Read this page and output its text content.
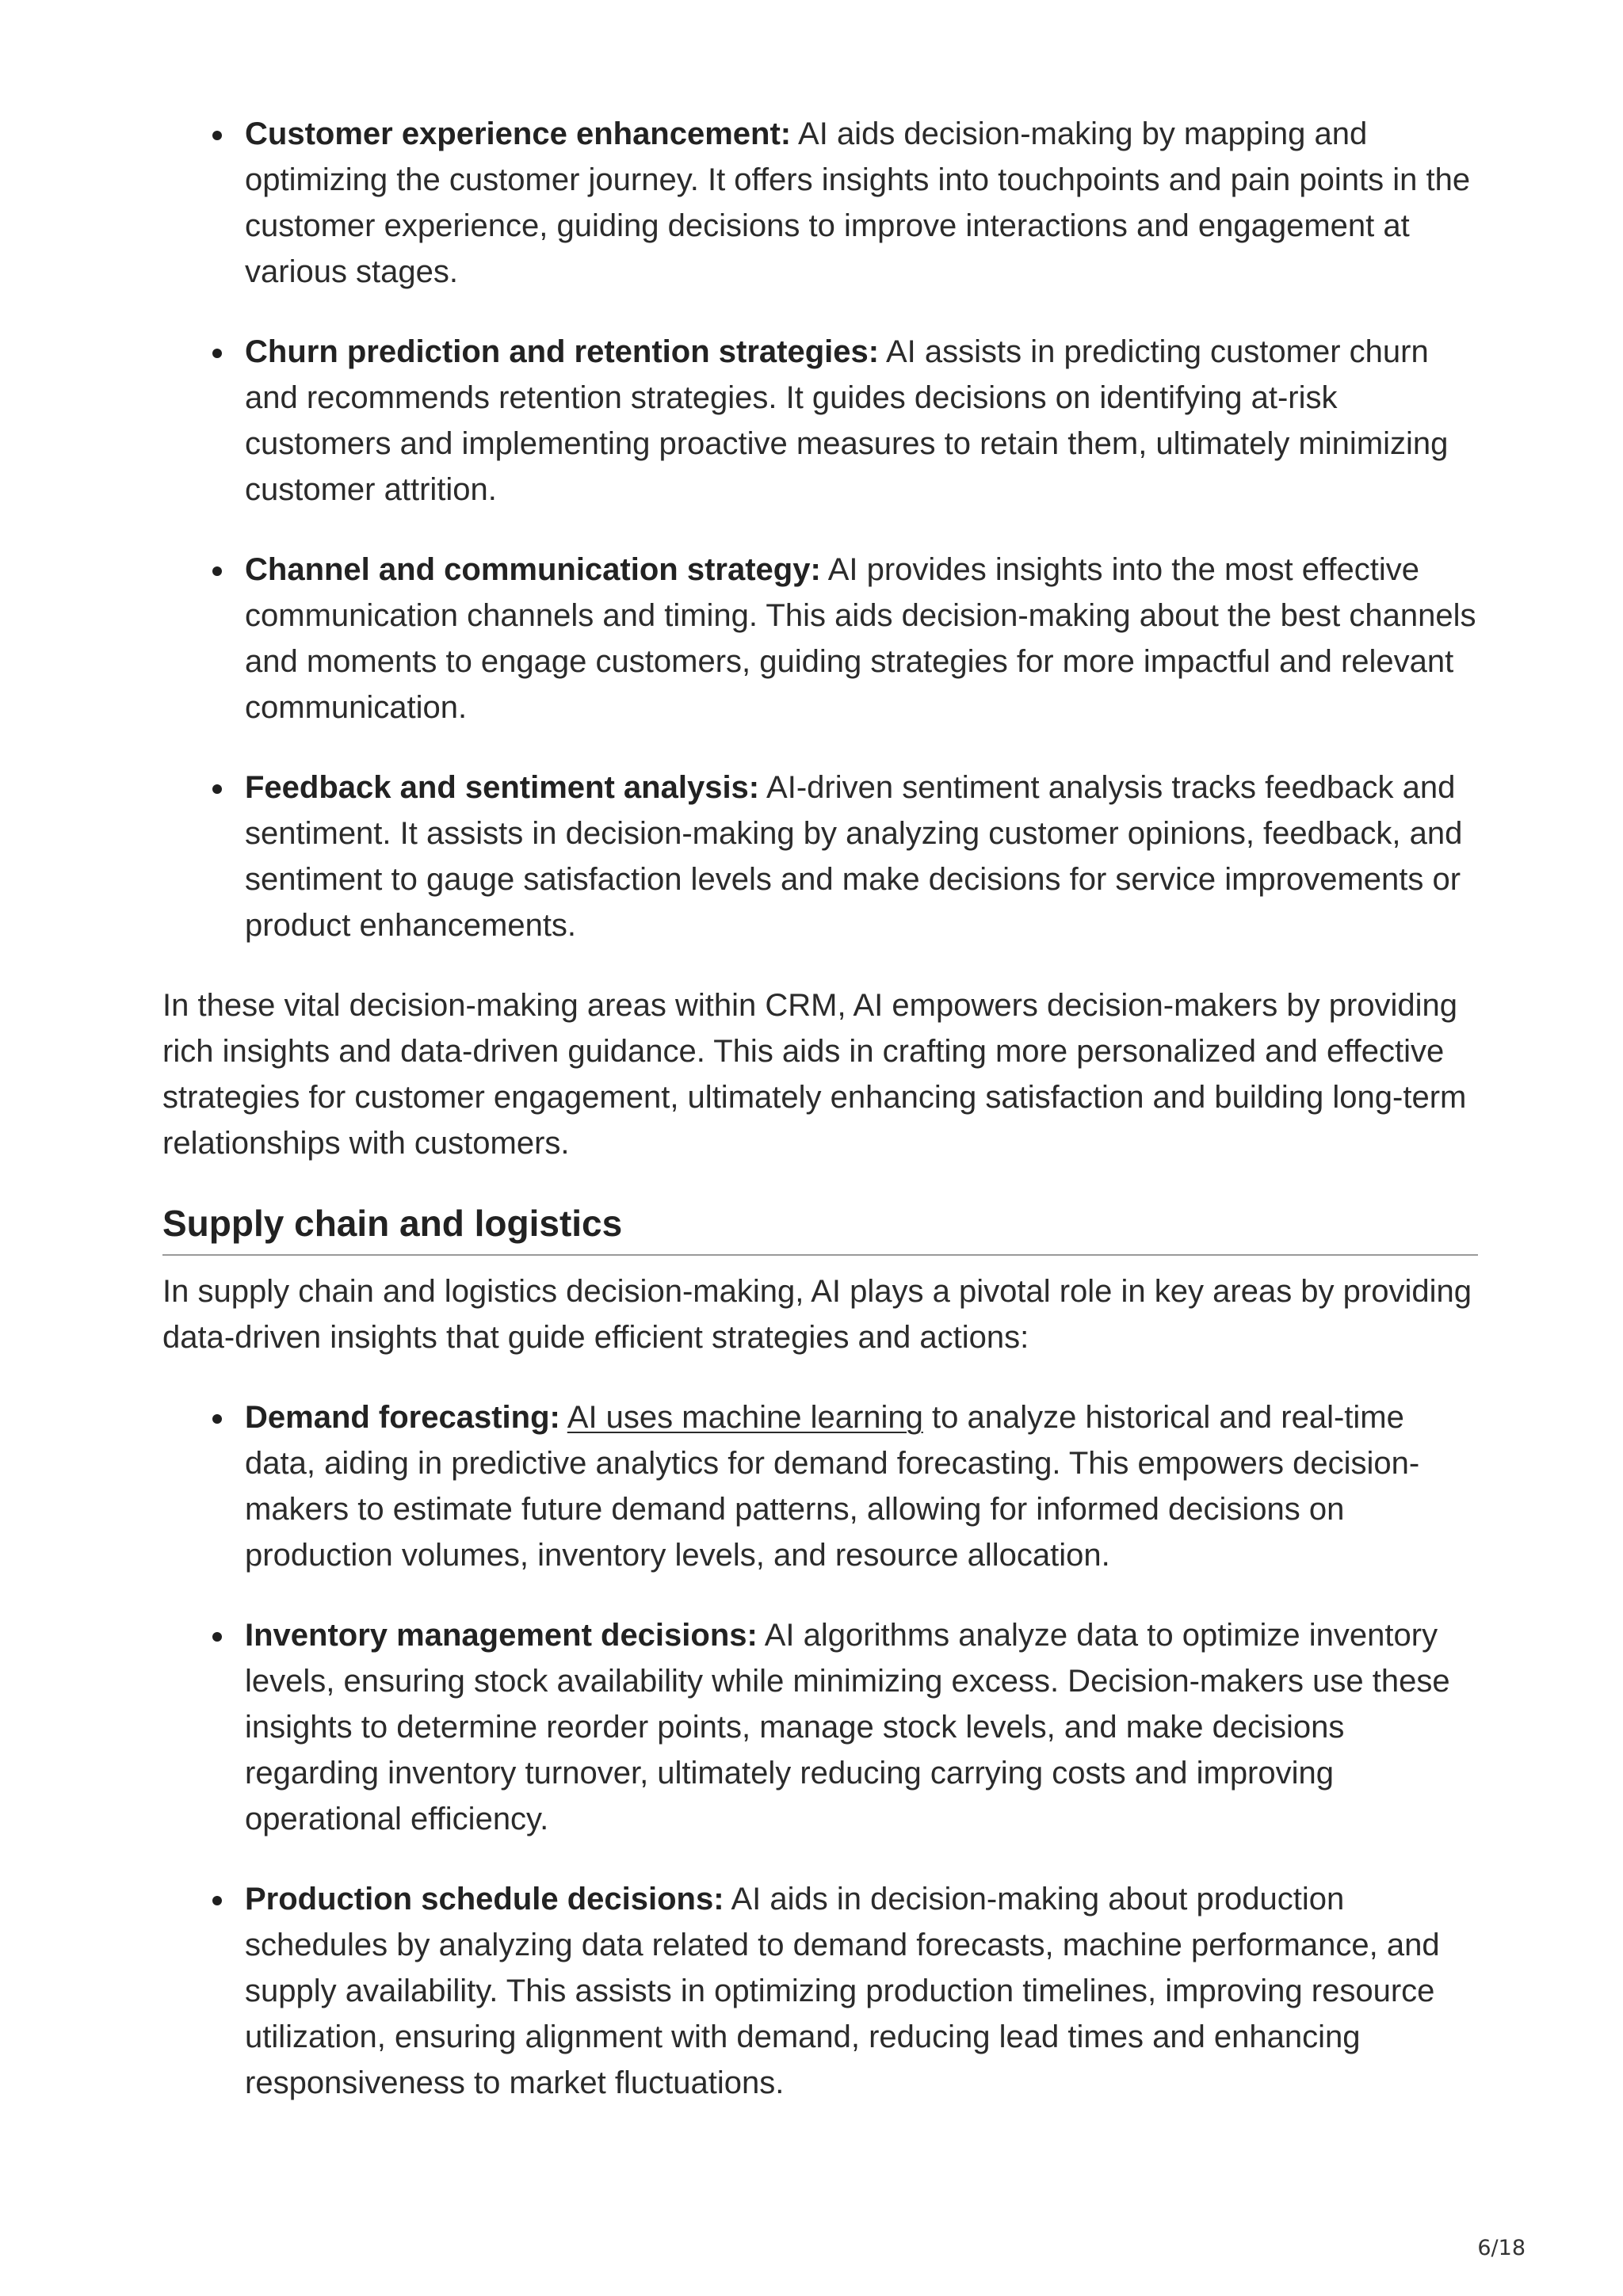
Customer experience enhancement: AI aids decision-making by mapping and optimizing the customer journey. It offers insights into touchpoints and pain points in the customer experience, guiding decisions to improve interactions and engagement at various stages.
Churn prediction and retention strategies: AI assists in predicting customer churn and recommends retention strategies. It guides decisions on identifying at-risk customers and implementing proactive measures to retain them, ultimately minimizing customer attrition.
Channel and communication strategy: AI provides insights into the most effective communication channels and timing. This aids decision-making about the best channels and moments to engage customers, guiding strategies for more impactful and relevant communication.
Feedback and sentiment analysis: AI-driven sentiment analysis tracks feedback and sentiment. It assists in decision-making by analyzing customer opinions, feedback, and sentiment to gauge satisfaction levels and make decisions for service improvements or product enhancements.

In these vital decision-making areas within CRM, AI empowers decision-makers by providing rich insights and data-driven guidance. This aids in crafting more personalized and effective strategies for customer engagement, ultimately enhancing satisfaction and building long-term relationships with customers.

Supply chain and logistics

In supply chain and logistics decision-making, AI plays a pivotal role in key areas by providing data-driven insights that guide efficient strategies and actions:

Demand forecasting: AI uses machine learning to analyze historical and real-time data, aiding in predictive analytics for demand forecasting. This empowers decision-makers to estimate future demand patterns, allowing for informed decisions on production volumes, inventory levels, and resource allocation.
Inventory management decisions: AI algorithms analyze data to optimize inventory levels, ensuring stock availability while minimizing excess. Decision-makers use these insights to determine reorder points, manage stock levels, and make decisions regarding inventory turnover, ultimately reducing carrying costs and improving operational efficiency.
Production schedule decisions: AI aids in decision-making about production schedules by analyzing data related to demand forecasts, machine performance, and supply availability. This assists in optimizing production timelines, improving resource utilization, ensuring alignment with demand, reducing lead times and enhancing responsiveness to market fluctuations.
6/18
